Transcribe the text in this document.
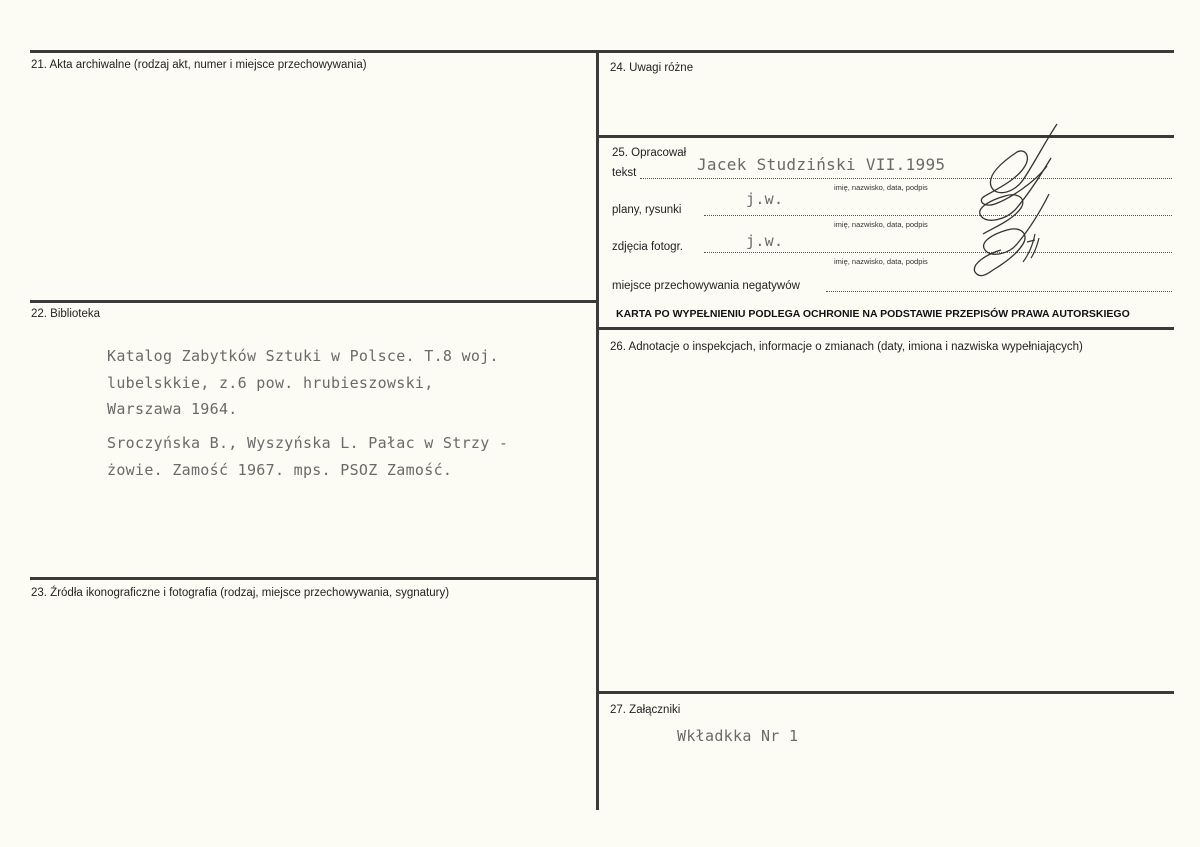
21. Akta archiwalne (rodzaj akt, numer i miejsce przechowywania)
22. Biblioteka
Katalog Zabytków Sztuki w Polsce. T.8 woj.
lubelskkie, z.6 pow. hrubieszowski,
Warszawa 1964.
Sroczyńska B., Wyszyńska L. Pałac w Strzy -
żowie. Zamość 1967. mps. PSOZ Zamość.
23. Źródła ikonograficzne i fotografia (rodzaj, miejsce przechowywania, sygnatury)
24. Uwagi różne
25. Opracował
tekst	Jacek Studziński VII.1995
imię, nazwisko, data, podpis
plany, rysunki
j.w.
imię, nazwisko, data, podpis
zdjęcia fotogr.	j.w.
imię, nazwisko, data, podpis
miejsce przechowywania negatywów
KARTA PO WYPEŁNIENIU PODLEGA OCHRONIE NA PODSTAWIE PRZEPISÓW PRAWA AUTORSKIEGO
26. Adnotacje o inspekcjach, informacje o zmianach (daty, imiona i nazwiska wypełniających)
27. Załączniki
Wkładkka Nr 1
